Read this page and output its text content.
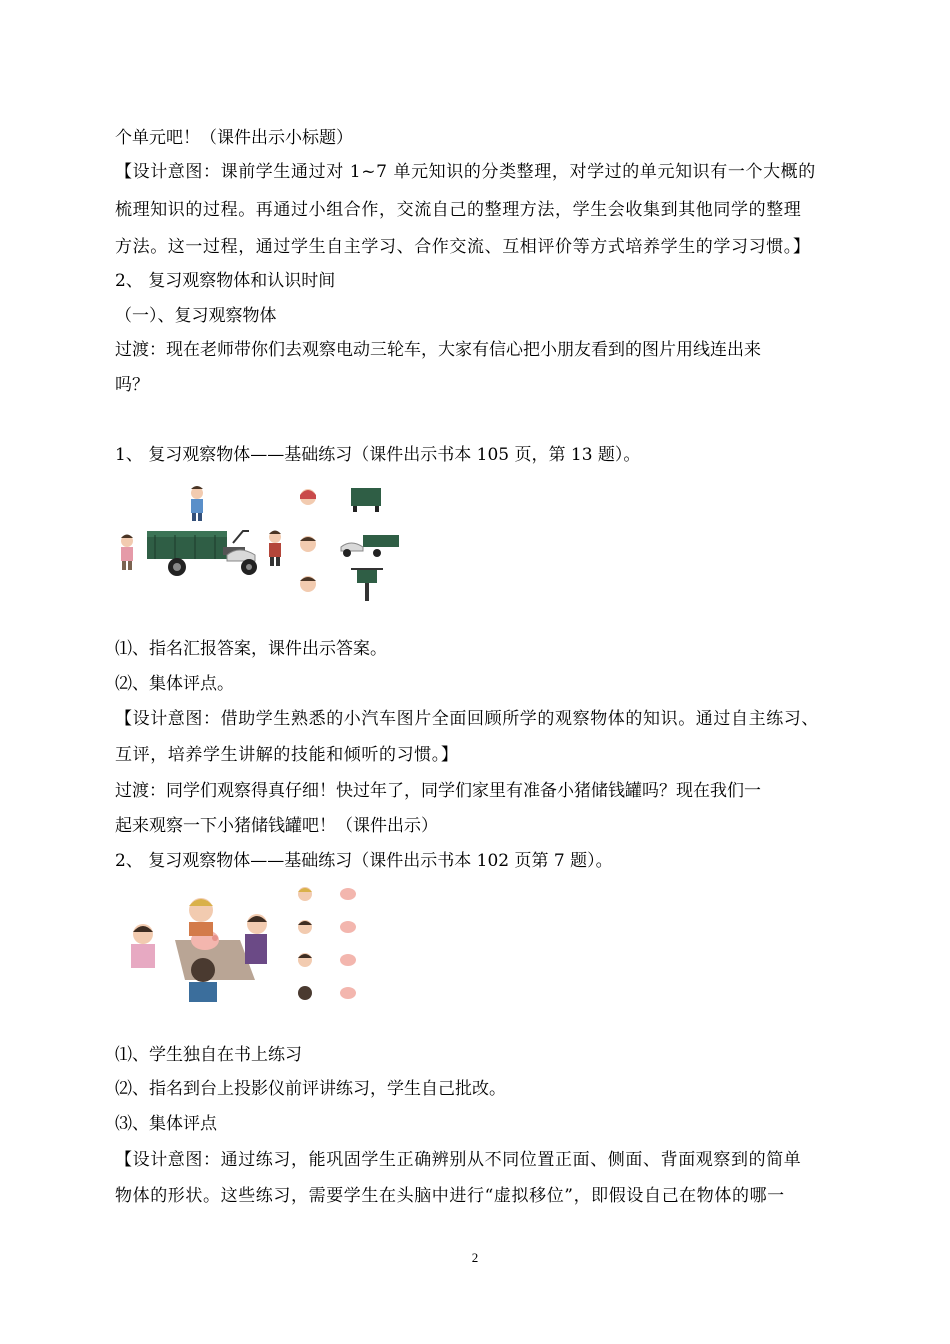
个单元吧！（课件出示小标题）
【设计意图：课前学生通过对 1~7 单元知识的分类整理，对学过的单元知识有一个大概的
梳理知识的过程。再通过小组合作，交流自己的整理方法，学生会收集到其他同学的整理
方法。这一过程，通过学生自主学习、合作交流、互相评价等方式培养学生的学习习惯。】
2、 复习观察物体和认识时间
（一）、复习观察物体
过渡：现在老师带你们去观察电动三轮车，大家有信心把小朋友看到的图片用线连出来
吗？
1、 复习观察物体——基础练习（课件出示书本 105 页，第 13 题）。
⑴、指名汇报答案，课件出示答案。
⑵、集体评点。
【设计意图：借助学生熟悉的小汽车图片全面回顾所学的观察物体的知识。通过自主练习、
互评，培养学生讲解的技能和倾听的习惯。】
过渡：同学们观察得真仔细！快过年了，同学们家里有准备小猪储钱罐吗？现在我们一
起来观察一下小猪储钱罐吧！（课件出示）
2、 复习观察物体——基础练习（课件出示书本 102 页第 7 题）。
⑴、学生独自在书上练习
⑵、指名到台上投影仪前评讲练习，学生自己批改。
⑶、集体评点
【设计意图：通过练习，能巩固学生正确辨别从不同位置正面、侧面、背面观察到的简单
物体的形状。这些练习，需要学生在头脑中进行“虚拟移位”，即假设自己在物体的哪一
2
